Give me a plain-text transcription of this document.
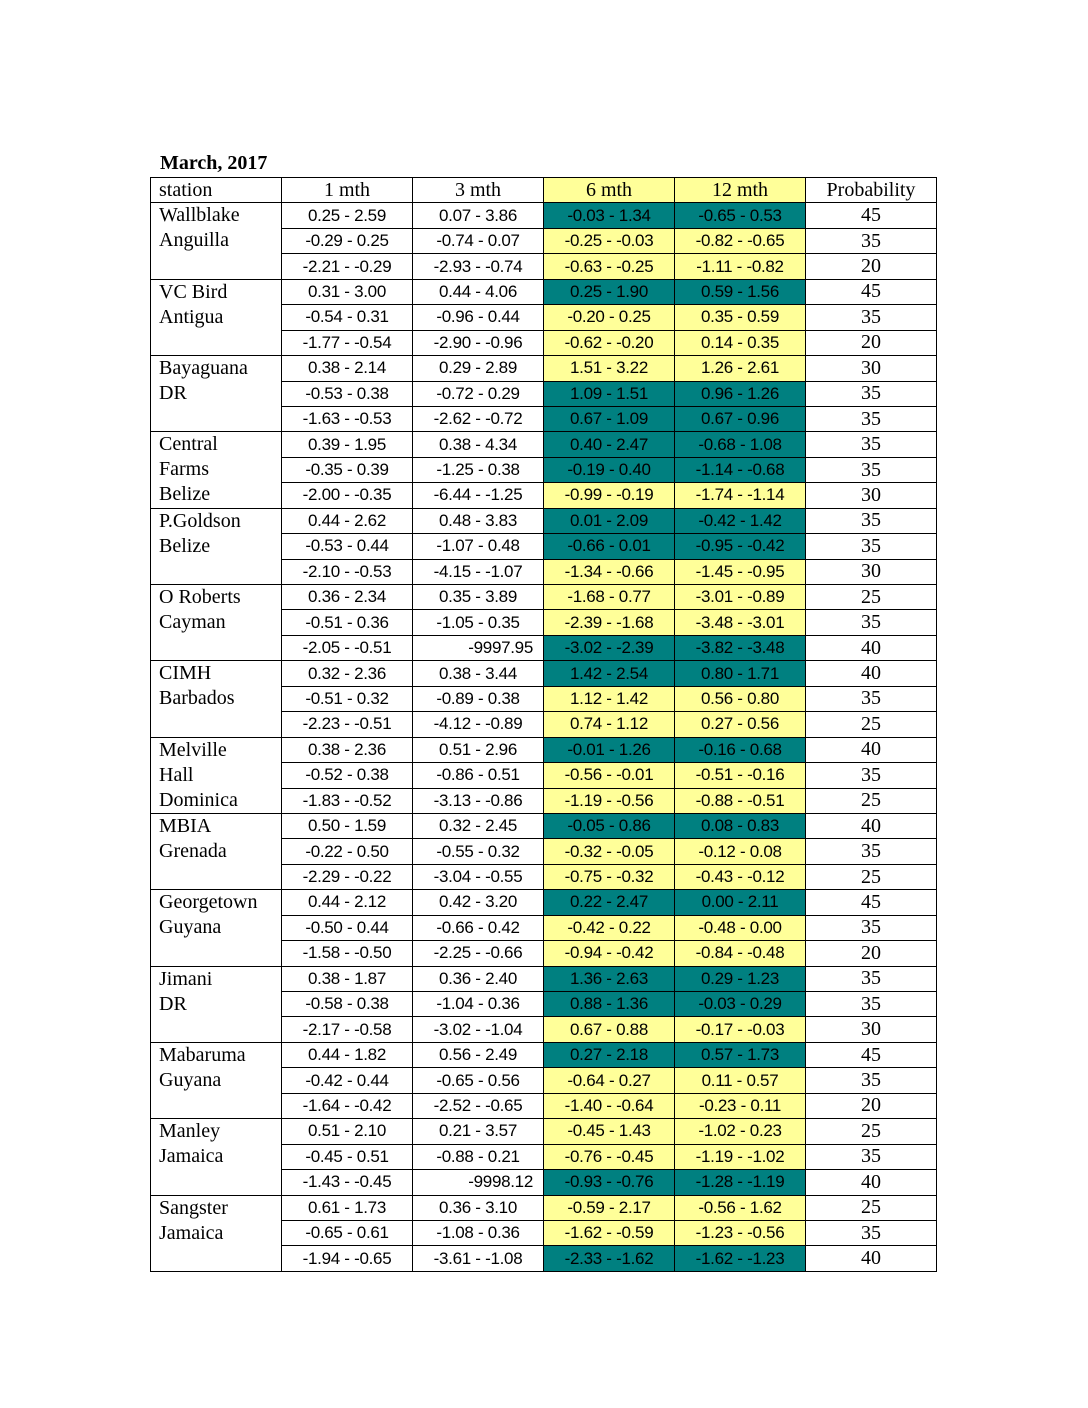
March, 2017
station	1 mth	3 mth	6 mth	12 mth	Probability

Wallblake
Anguilla	0.25 - 2.59	0.07 - 3.86	-0.03 - 1.34	-0.65 - 0.53	45
	-0.29 - 0.25	-0.74 - 0.07	-0.25 - -0.03	-0.82 - -0.65	35
	-2.21 - -0.29	-2.93 - -0.74	-0.63 - -0.25	-1.11 - -0.82	20

VC Bird
Antigua	0.31 - 3.00	0.44 - 4.06	0.25 - 1.90	0.59 - 1.56	45
	-0.54 - 0.31	-0.96 - 0.44	-0.20 - 0.25	0.35 - 0.59	35
	-1.77 - -0.54	-2.90 - -0.96	-0.62 - -0.20	0.14 - 0.35	20

Bayaguana
DR	0.38 - 2.14	0.29 - 2.89	1.51 - 3.22	1.26 - 2.61	30
	-0.53 - 0.38	-0.72 - 0.29	1.09 - 1.51	0.96 - 1.26	35
	-1.63 - -0.53	-2.62 - -0.72	0.67 - 1.09	0.67 - 0.96	35

Central
Farms
Belize	0.39 - 1.95	0.38 - 4.34	0.40 - 2.47	-0.68 - 1.08	35
	-0.35 - 0.39	-1.25 - 0.38	-0.19 - 0.40	-1.14 - -0.68	35
	-2.00 - -0.35	-6.44 - -1.25	-0.99 - -0.19	-1.74 - -1.14	30

P.Goldson
Belize	0.44 - 2.62	0.48 - 3.83	0.01 - 2.09	-0.42 - 1.42	35
	-0.53 - 0.44	-1.07 - 0.48	-0.66 - 0.01	-0.95 - -0.42	35
	-2.10 - -0.53	-4.15 - -1.07	-1.34 - -0.66	-1.45 - -0.95	30

O Roberts
Cayman	0.36 - 2.34	0.35 - 3.89	-1.68 - 0.77	-3.01 - -0.89	25
	-0.51 - 0.36	-1.05 - 0.35	-2.39 - -1.68	-3.48 - -3.01	35
	-2.05 - -0.51	-9997.95	-3.02 - -2.39	-3.82 - -3.48	40

CIMH
Barbados	0.32 - 2.36	0.38 - 3.44	1.42 - 2.54	0.80 - 1.71	40
	-0.51 - 0.32	-0.89 - 0.38	1.12 - 1.42	0.56 - 0.80	35
	-2.23 - -0.51	-4.12 - -0.89	0.74 - 1.12	0.27 - 0.56	25

Melville
Hall
Dominica	0.38 - 2.36	0.51 - 2.96	-0.01 - 1.26	-0.16 - 0.68	40
	-0.52 - 0.38	-0.86 - 0.51	-0.56 - -0.01	-0.51 - -0.16	35
	-1.83 - -0.52	-3.13 - -0.86	-1.19 - -0.56	-0.88 - -0.51	25

MBIA
Grenada	0.50 - 1.59	0.32 - 2.45	-0.05 - 0.86	0.08 - 0.83	40
	-0.22 - 0.50	-0.55 - 0.32	-0.32 - -0.05	-0.12 - 0.08	35
	-2.29 - -0.22	-3.04 - -0.55	-0.75 - -0.32	-0.43 - -0.12	25

Georgetown
Guyana	0.44 - 2.12	0.42 - 3.20	0.22 - 2.47	0.00 - 2.11	45
	-0.50 - 0.44	-0.66 - 0.42	-0.42 - 0.22	-0.48 - 0.00	35
	-1.58 - -0.50	-2.25 - -0.66	-0.94 - -0.42	-0.84 - -0.48	20

Jimani
DR	0.38 - 1.87	0.36 - 2.40	1.36 - 2.63	0.29 - 1.23	35
	-0.58 - 0.38	-1.04 - 0.36	0.88 - 1.36	-0.03 - 0.29	35
	-2.17 - -0.58	-3.02 - -1.04	0.67 - 0.88	-0.17 - -0.03	30

Mabaruma
Guyana	0.44 - 1.82	0.56 - 2.49	0.27 - 2.18	0.57 - 1.73	45
	-0.42 - 0.44	-0.65 - 0.56	-0.64 - 0.27	0.11 - 0.57	35
	-1.64 - -0.42	-2.52 - -0.65	-1.40 - -0.64	-0.23 - 0.11	20

Manley
Jamaica	0.51 - 2.10	0.21 - 3.57	-0.45 - 1.43	-1.02 - 0.23	25
	-0.45 - 0.51	-0.88 - 0.21	-0.76 - -0.45	-1.19 - -1.02	35
	-1.43 - -0.45	-9998.12	-0.93 - -0.76	-1.28 - -1.19	40

Sangster
Jamaica	0.61 - 1.73	0.36 - 3.10	-0.59 - 2.17	-0.56 - 1.62	25
	-0.65 - 0.61	-1.08 - 0.36	-1.62 - -0.59	-1.23 - -0.56	35
	-1.94 - -0.65	-3.61 - -1.08	-2.33 - -1.62	-1.62 - -1.23	40
